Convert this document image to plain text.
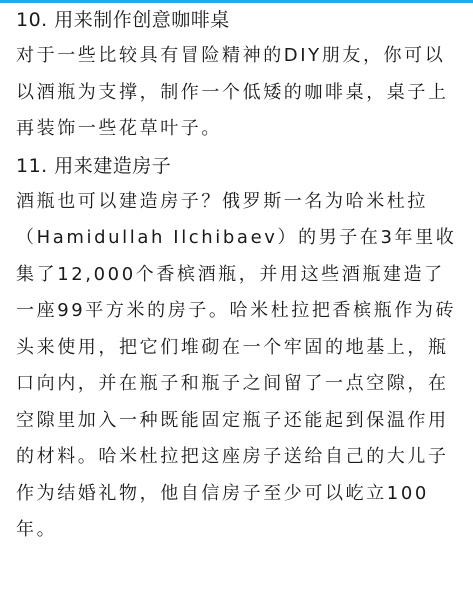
10. 用来制作创意咖啡桌

对于一些比较具有冒险精神的DIY朋友，你可以以酒瓶为支撑，制作一个低矮的咖啡桌，桌子上再装饰一些花草叶子。

11. 用来建造房子

酒瓶也可以建造房子？俄罗斯一名为哈米杜拉（Hamidullah Ilchibaev）的男子在3年里收集了12,000个香槟酒瓶，并用这些酒瓶建造了一座99平方米的房子。哈米杜拉把香槟瓶作为砖头来使用，把它们堆砌在一个牢固的地基上，瓶口向内，并在瓶子和瓶子之间留了一点空隙，在空隙里加入一种既能固定瓶子还能起到保温作用的材料。哈米杜拉把这座房子送给自己的大儿子作为结婚礼物，他自信房子至少可以屹立100年。
